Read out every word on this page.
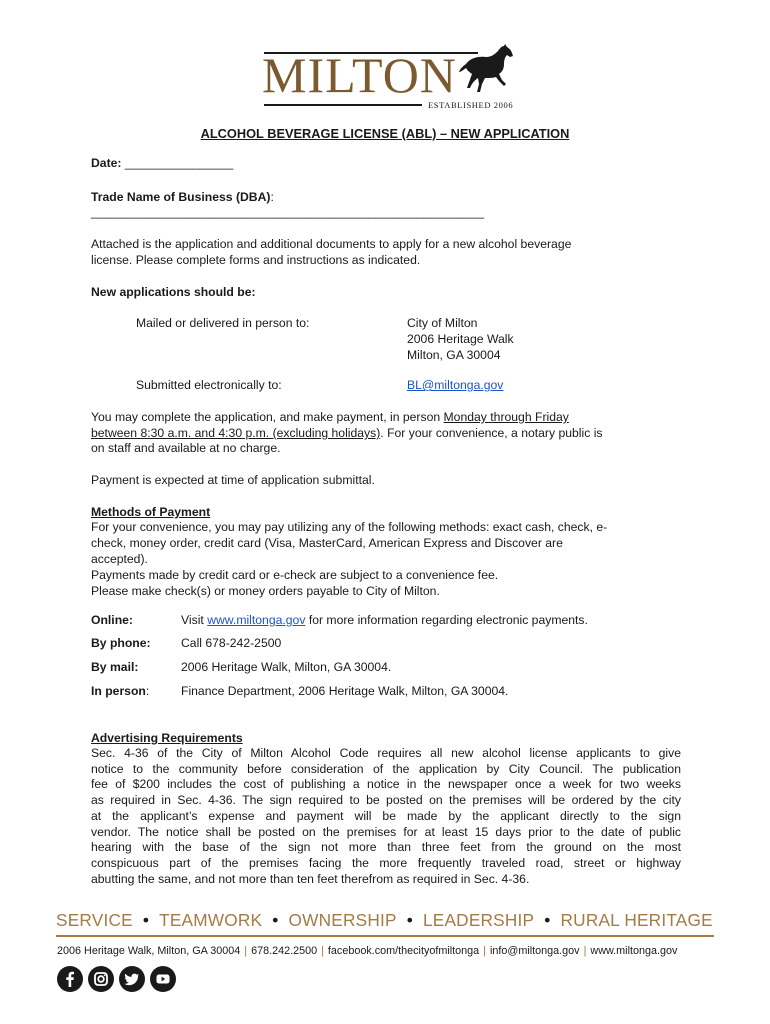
MILTON
ESTABLISHED 2006
ALCOHOL BEVERAGE LICENSE (ABL) – NEW APPLICATION
Date: ________________
Trade Name of Business (DBA):
__________________________________________________________
Attached is the application and additional documents to apply for a new alcohol beverage
license. Please complete forms and instructions as indicated.
New applications should be:
Mailed or delivered in person to:	City of Milton
2006 Heritage Walk
Milton, GA 30004
Submitted electronically to:	BL@miltonga.gov
You may complete the application, and make payment, in person Monday through Friday
between 8:30 a.m. and 4:30 p.m. (excluding holidays). For your convenience, a notary public is
on staff and available at no charge.
Payment is expected at time of application submittal.
Methods of Payment
For your convenience, you may pay utilizing any of the following methods: exact cash, check, e-
check, money order, credit card (Visa, MasterCard, American Express and Discover are
accepted).
Payments made by credit card or e-check are subject to a convenience fee.
Please make check(s) or money orders payable to City of Milton.
Online:	Visit www.miltonga.gov for more information regarding electronic payments.
By phone: Call 678-242-2500
By mail:	2006 Heritage Walk, Milton, GA 30004.
In person:	Finance Department, 2006 Heritage Walk, Milton, GA 30004.
Advertising Requirements
Sec. 4-36 of the City of Milton Alcohol Code requires all new alcohol license applicants to give
notice to the community before consideration of the application by City Council. The publication
fee of $200 includes the cost of publishing a notice in the newspaper once a week for two weeks
as required in Sec. 4-36. The sign required to be posted on the premises will be ordered by the city
at the applicant’s expense and payment will be made by the applicant directly to the sign
vendor. The notice shall be posted on the premises for at least 15 days prior to the date of public
hearing with the base of the sign not more than three feet from the ground on the most
conspicuous part of the premises facing the more frequently traveled road, street or highway
abutting the same, and not more than ten feet therefrom as required in Sec. 4-36.
SERVICE • TEAMWORK • OWNERSHIP • LEADERSHIP • RURAL HERITAGE
2006 Heritage Walk, Milton, GA 30004 | 678.242.2500 | facebook.com/thecityofmiltonga | info@miltonga.gov | www.miltonga.gov
